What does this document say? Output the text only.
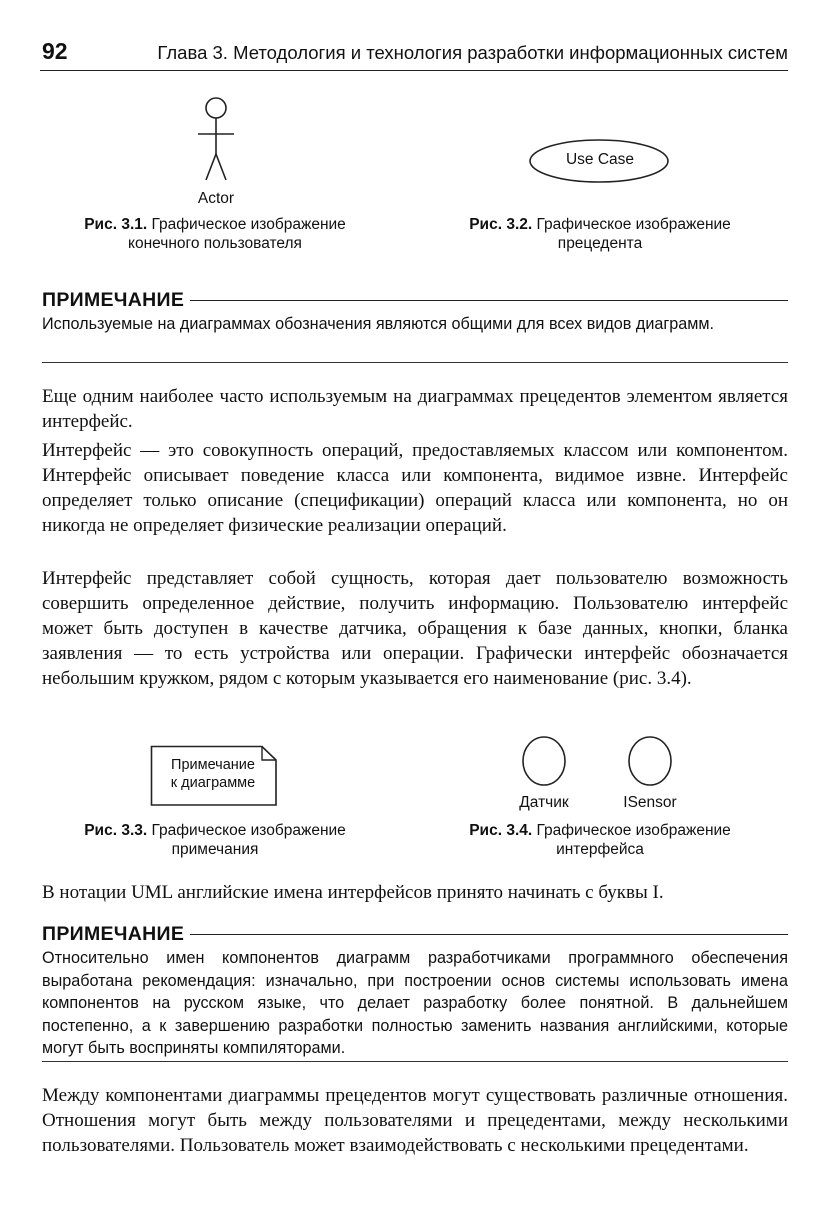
92	Глава 3. Методология и технология разработки информационных систем
Actor
Рис. 3.1. Графическое изображение
конечного пользователя
Use Case
Рис. 3.2. Графическое изображение
прецедента
ПРИМЕЧАНИЕ
Используемые на диаграммах обозначения являются общими для всех видов диаграмм.

Еще одним наиболее часто используемым на диаграммах прецедентов элементом является интерфейс.

Интерфейс — это совокупность операций, предоставляемых классом или компонентом. Интерфейс описывает поведение класса или компонента, видимое извне. Интерфейс определяет только описание (спецификации) операций класса или компонента, но он никогда не определяет физические реализации операций.

Интерфейс представляет собой сущность, которая дает пользователю возможность совершить определенное действие, получить информацию. Пользователю интерфейс может быть доступен в качестве датчика, обращения к базе данных, кнопки, бланка заявления — то есть устройства или операции. Графически интерфейс обозначается небольшим кружком, рядом с которым указывается его наименование (рис. 3.4).

Примечание
к диаграмме
Рис. 3.3. Графическое изображение
примечания
Датчик	ISensor
Рис. 3.4. Графическое изображение
интерфейса

В нотации UML английские имена интерфейсов принято начинать с буквы I.

ПРИМЕЧАНИЕ
Относительно имен компонентов диаграмм разработчиками программного обеспечения выработана рекомендация: изначально, при построении основ системы использовать имена компонентов на русском языке, что делает разработку более понятной. В дальнейшем постепенно, а к завершению разработки полностью заменить названия английскими, которые могут быть восприняты компиляторами.

Между компонентами диаграммы прецедентов могут существовать различные отношения. Отношения могут быть между пользователями и прецедентами, между несколькими пользователями. Пользователь может взаимодействовать с несколькими прецедентами.
